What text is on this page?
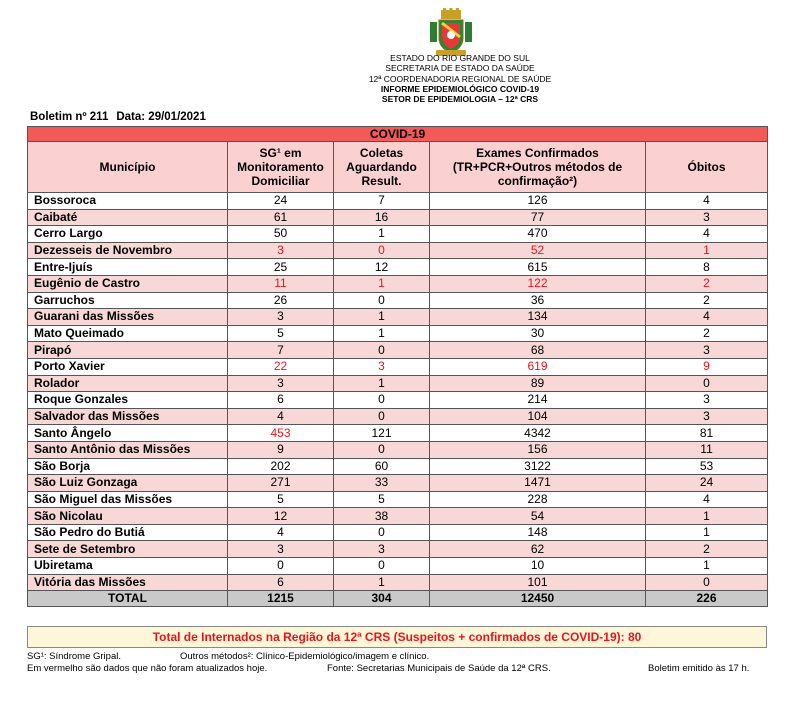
ESTADO DO RIO GRANDE DO SUL
SECRETARIA DE ESTADO DA SAÚDE
12ª COORDENADORIA REGIONAL DE SAÚDE
INFORME EPIDEMIOLÓGICO COVID-19
SETOR DE EPIDEMIOLOGIA – 12ª CRS
Boletim nº 211 Data: 29/01/2021
COVID-19				
Município	SG¹ em Monitoramento Domiciliar	Coletas Aguardando Result.	Exames Confirmados (TR+PCR+Outros métodos de confirmação²)	Óbitos
Bossoroca	24	7	126	4
Caibaté	61	16	77	3
Cerro Largo	50	1	470	4
Dezesseis de Novembro	3	0	52	1
Entre-Ijuís	25	12	615	8
Eugênio de Castro	11	1	122	2
Garruchos	26	0	36	2
Guarani das Missões	3	1	134	4
Mato Queimado	5	1	30	2
Pirapó	7	0	68	3
Porto Xavier	22	3	619	9
Rolador	3	1	89	0
Roque Gonzales	6	0	214	3
Salvador das Missões	4	0	104	3
Santo Ângelo	453	121	4342	81
Santo Antônio das Missões	9	0	156	11
São Borja	202	60	3122	53
São Luiz Gonzaga	271	33	1471	24
São Miguel das Missões	5	5	228	4
São Nicolau	12	38	54	1
São Pedro do Butiá	4	0	148	1
Sete de Setembro	3	3	62	2
Ubiretama	0	0	10	1
Vitória das Missões	6	1	101	0
TOTAL	1215	304	12450	226
Total de Internados na Região da 12ª CRS (Suspeitos + confirmados de COVID-19): 80
SG¹: Síndrome Gripal.	Outros métodos²: Clínico-Epidemiológico/imagem e clínico.
Em vermelho são dados que não foram atualizados hoje.	Fonte: Secretarias Municipais de Saúde da 12ª CRS.	Boletim emitido às 17 h.
